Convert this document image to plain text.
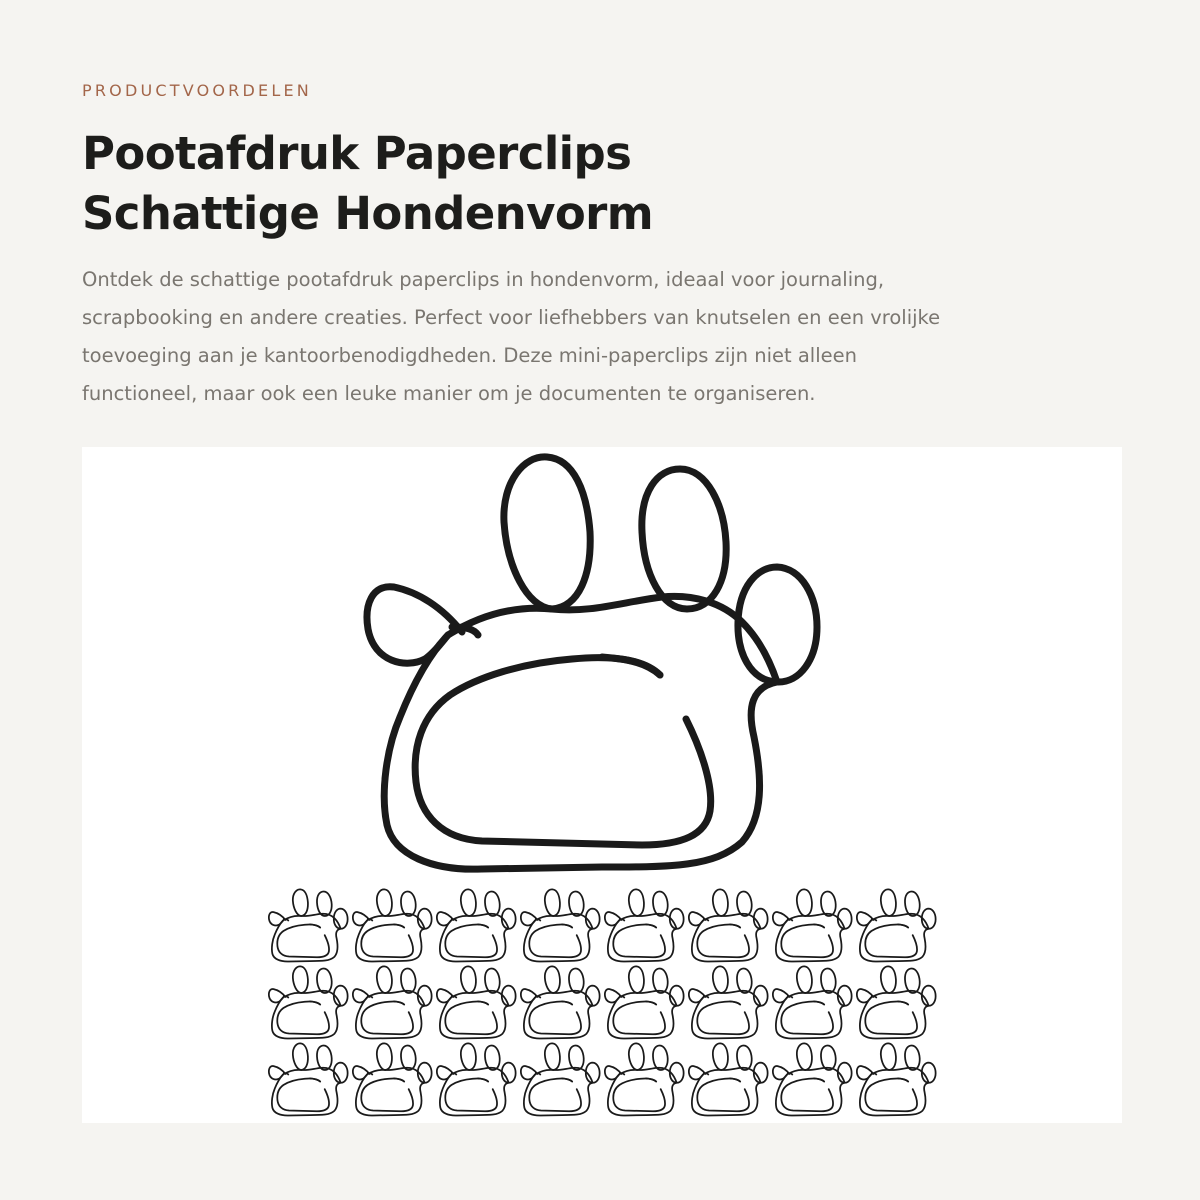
PRODUCTVOORDELEN
Pootafdruk Paperclips
Schattige Hondenvorm

Ontdek de schattige pootafdruk paperclips in hondenvorm, ideaal voor journaling,
scrapbooking en andere creaties. Perfect voor liefhebbers van knutselen en een vrolijke
toevoeging aan je kantoorbenodigdheden. Deze mini-paperclips zijn niet alleen
functioneel, maar ook een leuke manier om je documenten te organiseren.
